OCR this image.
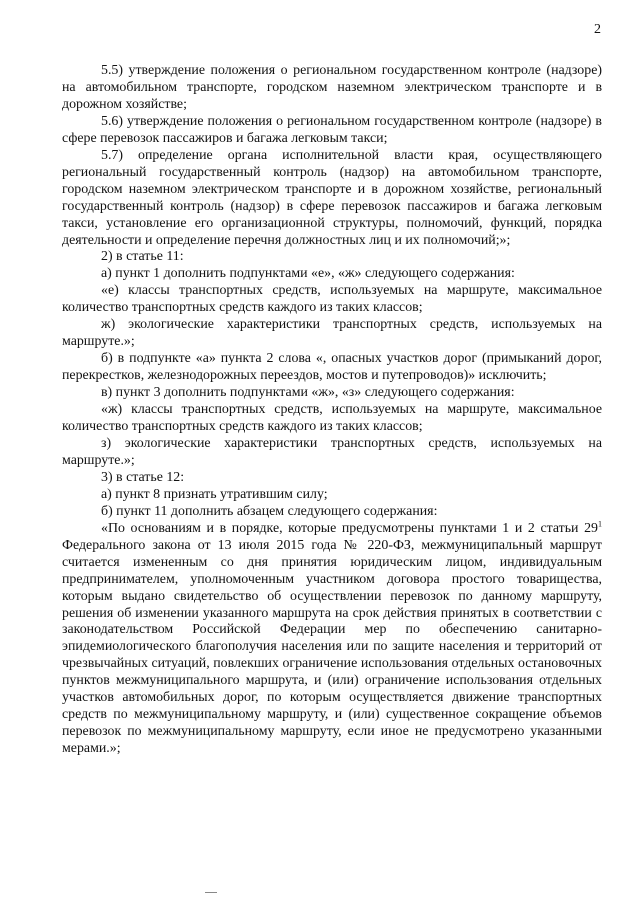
2

5.5) утверждение положения о региональном государственном контроле (надзоре) на автомобильном транспорте, городском наземном электрическом транспорте и в дорожном хозяйстве;

5.6) утверждение положения о региональном государственном контроле (надзоре) в сфере перевозок пассажиров и багажа легковым такси;

5.7) определение органа исполнительной власти края, осуществляющего региональный государственный контроль (надзор) на автомобильном транспорте, городском наземном электрическом транспорте и в дорожном хозяйстве, региональный государственный контроль (надзор) в сфере перевозок пассажиров и багажа легковым такси, установление его организационной структуры, полномочий, функций, порядка деятельности и определение перечня должностных лиц и их полномочий;»;

2) в статье 11:

а) пункт 1 дополнить подпунктами «е», «ж» следующего содержания:

«е) классы транспортных средств, используемых на маршруте, максимальное количество транспортных средств каждого из таких классов;

ж) экологические характеристики транспортных средств, используемых на маршруте.»;

б) в подпункте «а» пункта 2 слова «, опасных участков дорог (примыканий дорог, перекрестков, железнодорожных переездов, мостов и путепроводов)» исключить;

в) пункт 3 дополнить подпунктами «ж», «з» следующего содержания:

«ж) классы транспортных средств, используемых на маршруте, максимальное количество транспортных средств каждого из таких классов;

з) экологические характеристики транспортных средств, используемых на маршруте.»;

3) в статье 12:

а) пункт 8 признать утратившим силу;

б) пункт 11 дополнить абзацем следующего содержания:

«По основаниям и в порядке, которые предусмотрены пунктами 1 и 2 статьи $29^1$ Федерального закона от 13 июля 2015 года № 220-ФЗ, межмуниципальный маршрут считается измененным со дня принятия юридическим лицом, индивидуальным предпринимателем, уполномоченным участником договора простого товарищества, которым выдано свидетельство об осуществлении перевозок по данному маршруту, решения об изменении указанного маршрута на срок действия принятых в соответствии с законодательством Российской Федерации мер по обеспечению санитарно-эпидемиологического благополучия населения или по защите населения и территорий от чрезвычайных ситуаций, повлекших ограничение использования отдельных остановочных пунктов межмуниципального маршрута, и (или) ограничение использования отдельных участков автомобильных дорог, по которым осуществляется движение транспортных средств по межмуниципальному маршруту, и (или) существенное сокращение объемов перевозок по межмуниципальному маршруту, если иное не предусмотрено указанными мерами.»;
